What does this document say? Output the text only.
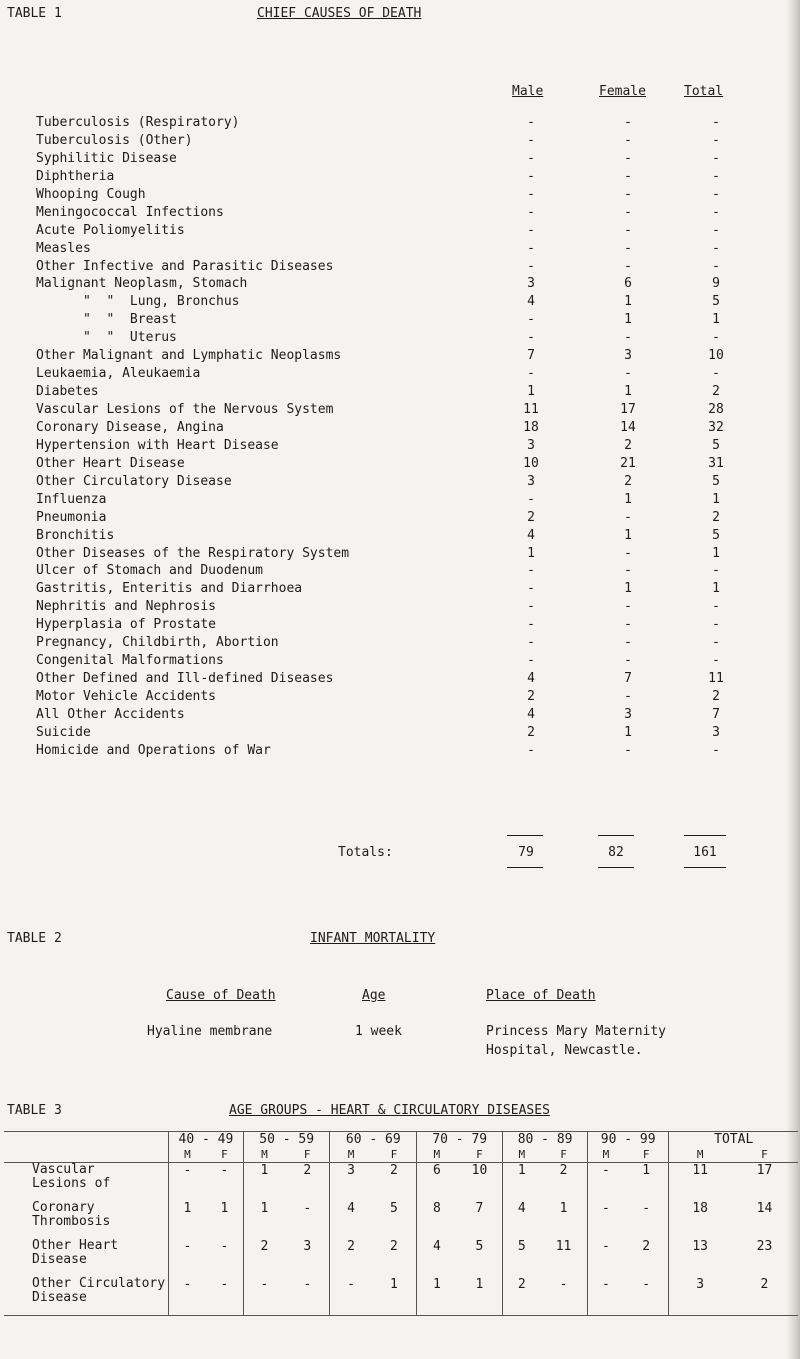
TABLE 1	CHIEF CAUSES OF DEATH
Male	Female	Total
Tuberculosis (Respiratory)	-	-	-
Tuberculosis (Other)	-	-	-
Syphilitic Disease	-	-	-
Diphtheria	-	-	-
Whooping Cough	-	-	-
Meningococcal Infections	-	-	-
Acute Poliomyelitis	-	-	-
Measles	-	-	-
Other Infective and Parasitic Diseases	-	-	-
Malignant Neoplasm, Stomach	3	6	9
"  "  Lung, Bronchus	4	1	5
"  "  Breast	-	1	1
"  "  Uterus	-	-	-
Other Malignant and Lymphatic Neoplasms	7	3	10
Leukaemia, Aleukaemia	-	-	-
Diabetes	1	1	2
Vascular Lesions of the Nervous System	11	17	28
Coronary Disease, Angina	18	14	32
Hypertension with Heart Disease	3	2	5
Other Heart Disease	10	21	31
Other Circulatory Disease	3	2	5
Influenza	-	1	1
Pneumonia	2	-	2
Bronchitis	4	1	5
Other Diseases of the Respiratory System	1	-	1
Ulcer of Stomach and Duodenum	-	-	-
Gastritis, Enteritis and Diarrhoea	-	1	1
Nephritis and Nephrosis	-	-	-
Hyperplasia of Prostate	-	-	-
Pregnancy, Childbirth, Abortion	-	-	-
Congenital Malformations	-	-	-
Other Defined and Ill-defined Diseases	4	7	11
Motor Vehicle Accidents	2	-	2
All Other Accidents	4	3	7
Suicide	2	1	3
Homicide and Operations of War	-	-	-
Totals:	79	82	161
TABLE 2	INFANT MORTALITY
Cause of Death	Age	Place of Death
Hyaline membrane	1 week	Princess Mary Maternity
Hospital, Newcastle.
TABLE 3	AGE GROUPS - HEART & CIRCULATORY DISEASES
	40 - 49		50 - 59		60 - 69		70 - 79		80 - 89		90 - 99		TOTAL	
	M	F	M	F	M	F	M	F	M	F	M	F	M	F

Vascular
Lesions of	-	-	1	2	3	2	6	10	1	2	-	1	11	17

Coronary
Thrombosis	1	1	1	-	4	5	8	7	4	1	-	-	18	14

Other Heart
Disease	-	-	2	3	2	2	4	5	5	11	-	2	13	23

Other Circulatory
Disease	-	-	-	-	-	1	1	1	2	-	-	-	3	2
